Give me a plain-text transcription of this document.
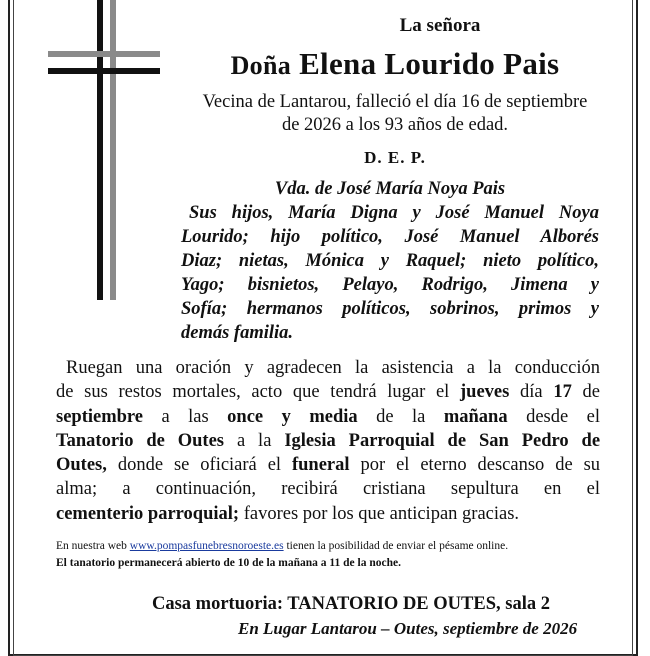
La señora
Doña Elena Lourido Pais
Vecina de Lantarou, falleció el día 16 de septiembre
de 2026 a los 93 años de edad.
D. E. P.
Vda. de José María Noya Pais
Sus hijos, María Digna y José Manuel Noya
Lourido; hijo político, José Manuel Alborés
Diaz; nietas, Mónica y Raquel; nieto político,
Yago; bisnietos, Pelayo, Rodrigo, Jimena y
Sofía; hermanos políticos, sobrinos, primos y
demás familia.
Ruegan una oración y agradecen la asistencia a la conducción
de sus restos mortales, acto que tendrá lugar el jueves día 17 de
septiembre a las once y media de la mañana desde el
Tanatorio de Outes a la Iglesia Parroquial de San Pedro de
Outes, donde se oficiará el funeral por el eterno descanso de su
alma; a continuación, recibirá cristiana sepultura en el
cementerio parroquial; favores por los que anticipan gracias.
En nuestra web www.pompasfunebresnoroeste.es tienen la posibilidad de enviar el pésame online.
El tanatorio permanecerá abierto de 10 de la mañana a 11 de la noche.
Casa mortuoria: TANATORIO DE OUTES, sala 2
En Lugar Lantarou – Outes, septiembre de 2026
